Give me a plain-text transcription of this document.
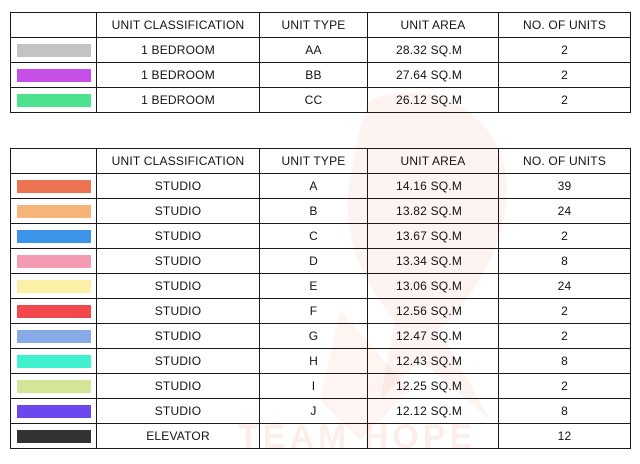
TEAM HOPE
	UNIT CLASSIFICATION	UNIT TYPE	UNIT AREA	NO. OF UNITS

	1 BEDROOM	AA	28.32 SQ.M	2

	1 BEDROOM	BB	27.64 SQ.M	2

	1 BEDROOM	CC	26.12 SQ.M	2
	UNIT CLASSIFICATION	UNIT TYPE	UNIT AREA	NO. OF UNITS

	STUDIO	A	14.16 SQ.M	39

	STUDIO	B	13.82 SQ.M	24

	STUDIO	C	13.67 SQ.M	2

	STUDIO	D	13.34 SQ.M	8

	STUDIO	E	13.06 SQ.M	24

	STUDIO	F	12.56 SQ.M	2

	STUDIO	G	12.47 SQ.M	2

	STUDIO	H	12.43 SQ.M	8

	STUDIO	I	12.25 SQ.M	2

	STUDIO	J	12.12 SQ.M	8

	ELEVATOR			12
